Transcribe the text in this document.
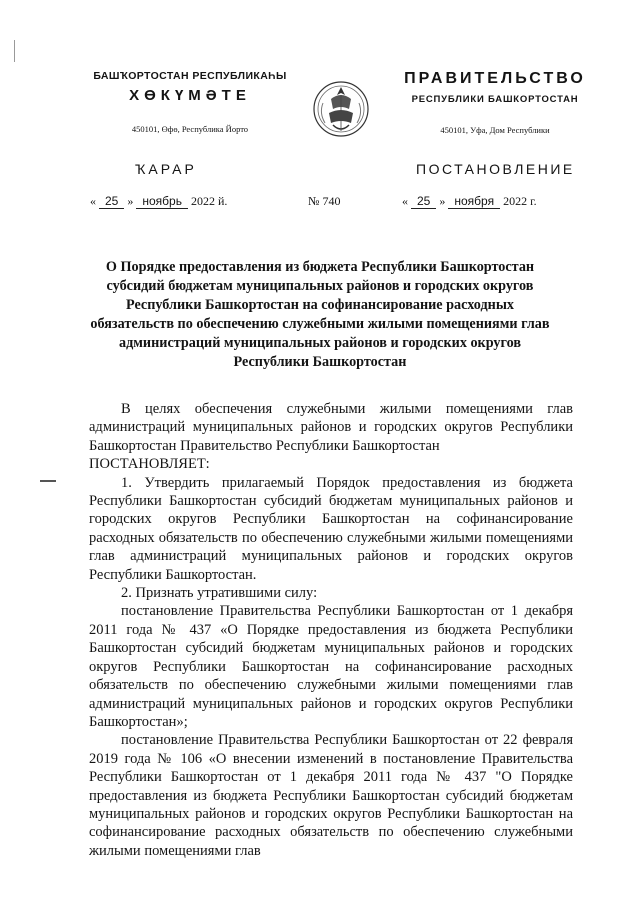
БАШҠОРТОСТАН РЕСПУБЛИКАҺЫ
ХӨКҮМӘТЕ
450101, Өфө, Республика Йорто
ПРАВИТЕЛЬСТВО
РЕСПУБЛИКИ БАШКОРТОСТАН
450101, Уфа, Дом Республики
ҠАРАР	ПОСТАНОВЛЕНИЕ
« 25 » ноябрь 2022 й.	№ 740	« 25 » ноября 2022 г.
О Порядке предоставления из бюджета Республики Башкортостан субсидий бюджетам муниципальных районов и городских округов Республики Башкортостан на софинансирование расходных обязательств по обеспечению служебными жилыми помещениями глав администраций муниципальных районов и городских округов Республики Башкортостан

В целях обеспечения служебными жилыми помещениями глав администраций муниципальных районов и городских округов Республики Башкортостан Правительство Республики Башкортостан

ПОСТАНОВЛЯЕТ:

1. Утвердить прилагаемый Порядок предоставления из бюджета Республики Башкортостан субсидий бюджетам муниципальных районов и городских округов Республики Башкортостан на софинансирование расходных обязательств по обеспечению служебными жилыми помещениями глав администраций муниципальных районов и городских округов Республики Башкортостан.

2. Признать утратившими силу:

постановление Правительства Республики Башкортостан от 1 декабря 2011 года № 437 «О Порядке предоставления из бюджета Республики Башкортостан субсидий бюджетам муниципальных районов и городских округов Республики Башкортостан на софинансирование расходных обязательств по обеспечению служебными жилыми помещениями глав администраций муниципальных районов и городских округов Республики Башкортостан»;

постановление Правительства Республики Башкортостан от 22 февраля 2019 года № 106 «О внесении изменений в постановление Правительства Республики Башкортостан от 1 декабря 2011 года № 437 "О Порядке предоставления из бюджета Республики Башкортостан субсидий бюджетам муниципальных районов и городских округов Республики Башкортостан на софинансирование расходных обязательств по обеспечению служебными жилыми помещениями глав
